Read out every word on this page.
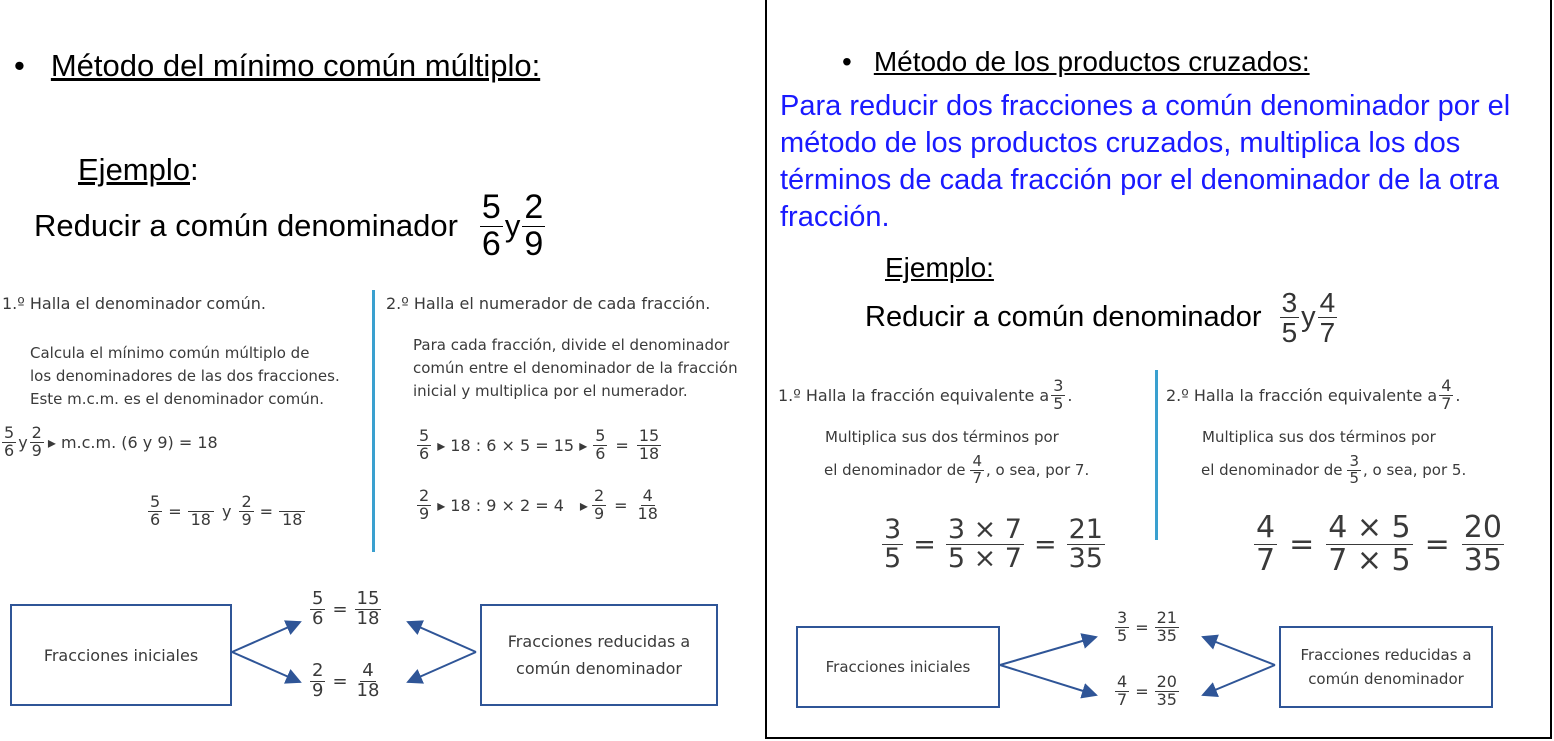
• Método del mínimo común múltiplo:
Ejemplo :
Reducir a común denominador $\frac{5}{6}$ y $\frac{2}{9}$
1.º Halla el denominador común.
Calcula el mínimo común múltiplo de
los denominadores de las dos fracciones.
Este m.c.m. es el denominador común.
$\frac{5}{6}$ y $\frac{2}{9}$ ▸ m.c.m. (6 y 9) = 18
$\frac{5}{6} = 18$ y $\frac{2}{9} = 18$
2.º Halla el numerador de cada fracción.
Para cada fracción, divide el denominador
común entre el denominador de la fracción
inicial y multiplica por el numerador.
$\frac{5}{6}$ ▸ 18 : 6 × 5 = 15 ▸ $\frac{5}{6} = \frac{15}{18}$
$\frac{2}{9}$ ▸ 18 : 9 × 2 = 4 ▸ $\frac{2}{9} = \frac{4}{18}$
Fracciones iniciales
Fracciones reducidas a común denominador
$\frac{5}{6} = \frac{15}{18}$
$\frac{2}{9} = \frac{4}{18}$
• Método de los productos cruzados:
Para reducir dos fracciones a común denominador por el método de los productos cruzados, multiplica los dos términos de cada fracción por el denominador de la otra fracción.
Ejemplo:
Reducir a común denominador $\frac{3}{5}$ y $\frac{4}{7}$
1.º Halla la fracción equivalente a $\frac{3}{5}$ .
Multiplica sus dos términos por
el denominador de $\frac{4}{7}$ , o sea, por 7.
$\frac{3}{5} = \frac{3 \times 7}{5 \times 7} = \frac{21}{35}$
2.º Halla la fracción equivalente a $\frac{4}{7}$ .
Multiplica sus dos términos por
el denominador de $\frac{3}{5}$ , o sea, por 5.
$\frac{4}{7} = \frac{4 \times 5}{7 \times 5} = \frac{20}{35}$
Fracciones iniciales
Fracciones reducidas a común denominador
$\frac{3}{5} = \frac{21}{35}$
$\frac{4}{7} = \frac{20}{35}$
